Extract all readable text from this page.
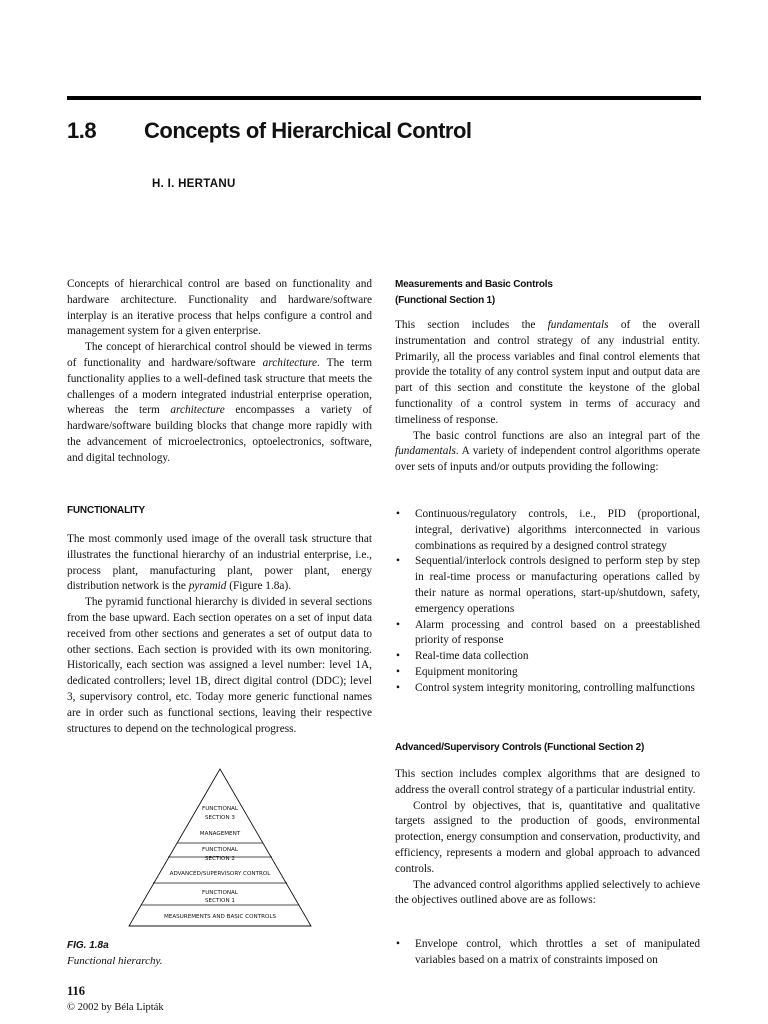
1.8 Concepts of Hierarchical Control
H. I. HERTANU

Concepts of hierarchical control are based on functionality and hardware architecture. Functionality and hardware/software interplay is an iterative process that helps configure a control and management system for a given enterprise.

The concept of hierarchical control should be viewed in terms of functionality and hardware/software architecture. The term functionality applies to a well-defined task structure that meets the challenges of a modern integrated industrial enterprise operation, whereas the term architecture encompasses a variety of hardware/software building blocks that change more rapidly with the advancement of microelectronics, optoelectronics, software, and digital technology.

FUNCTIONALITY

The most commonly used image of the overall task structure that illustrates the functional hierarchy of an industrial enterprise, i.e., process plant, manufacturing plant, power plant, energy distribution network is the pyramid (Figure 1.8a).

The pyramid functional hierarchy is divided in several sections from the base upward. Each section operates on a set of input data received from other sections and generates a set of output data to other sections. Each section is provided with its own monitoring. Historically, each section was assigned a level number: level 1A, dedicated controllers; level 1B, direct digital control (DDC); level 3, supervisory control, etc. Today more generic functional names are in order such as functional sections, leaving their respective structures to depend on the technological progress.

FUNCTIONAL
SECTION 3
MANAGEMENT
FUNCTIONAL
SECTION 2
ADVANCED/SUPERVISORY CONTROL
FUNCTIONAL
SECTION 1
MEASUREMENTS AND BASIC CONTROLS
FIG. 1.8a
Functional hierarchy.
Measurements and Basic Controls
(Functional Section 1)

This section includes the fundamentals of the overall instrumentation and control strategy of any industrial entity. Primarily, all the process variables and final control elements that provide the totality of any control system input and output data are part of this section and constitute the keystone of the global functionality of a control system in terms of accuracy and timeliness of response.

The basic control functions are also an integral part of the fundamentals. A variety of independent control algorithms operate over sets of inputs and/or outputs providing the following:

• Continuous/regulatory controls, i.e., PID (proportional, integral, derivative) algorithms interconnected in various combinations as required by a designed control strategy
• Sequential/interlock controls designed to perform step by step in real-time process or manufacturing operations called by their nature as normal operations, start-up/shutdown, safety, emergency operations
• Alarm processing and control based on a preestablished priority of response
• Real-time data collection
• Equipment monitoring
• Control system integrity monitoring, controlling malfunctions
Advanced/Supervisory Controls (Functional Section 2)

This section includes complex algorithms that are designed to address the overall control strategy of a particular industrial entity.

Control by objectives, that is, quantitative and qualitative targets assigned to the production of goods, environmental protection, energy consumption and conservation, productivity, and efficiency, represents a modern and global approach to advanced controls.

The advanced control algorithms applied selectively to achieve the objectives outlined above are as follows:

• Envelope control, which throttles a set of manipulated variables based on a matrix of constraints imposed on
116
© 2002 by Béla Lipták
